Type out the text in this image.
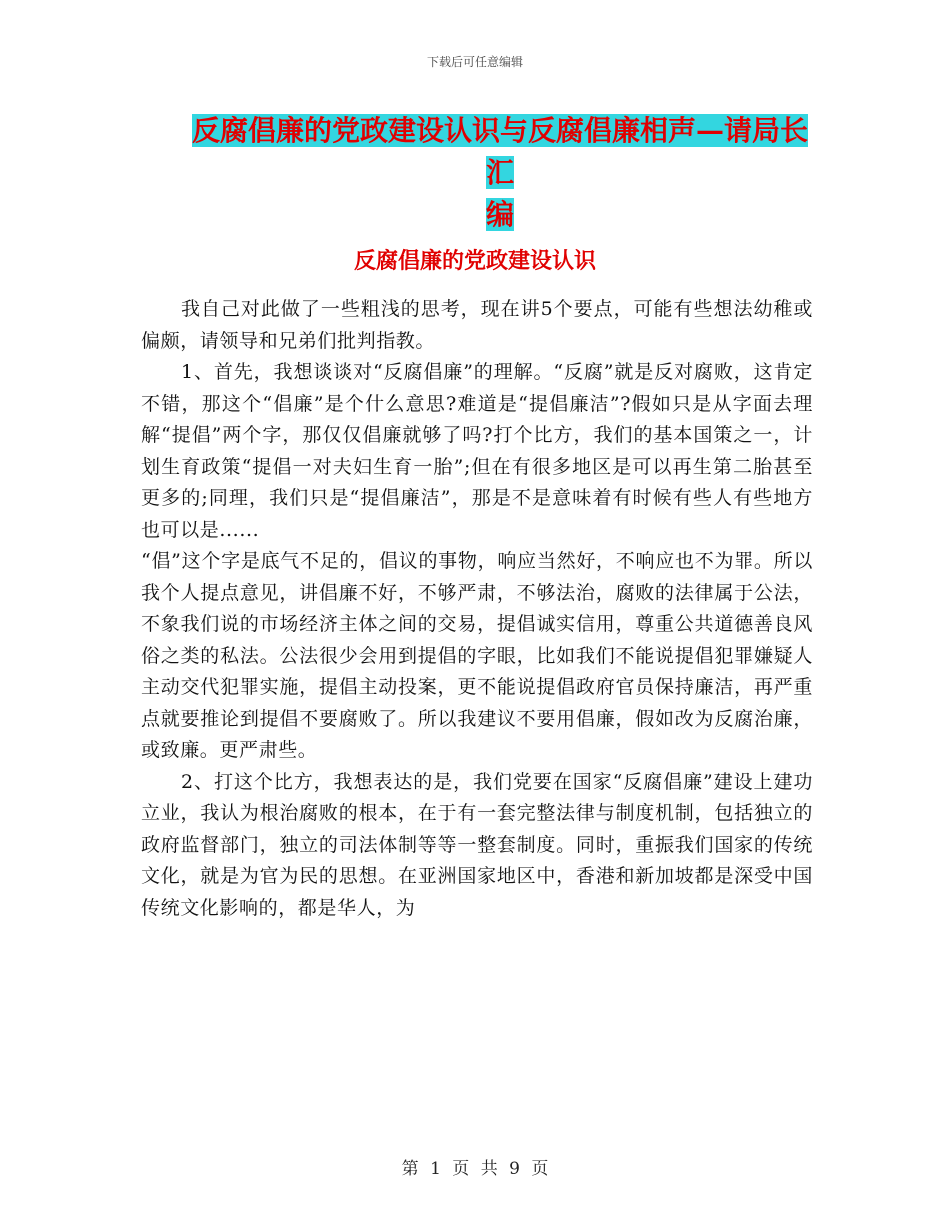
下载后可任意编辑
反腐倡廉的党政建设认识与反腐倡廉相声—请局长汇
编
反腐倡廉的党政建设认识

我自己对此做了一些粗浅的思考，现在讲5个要点，可能有些想法幼稚或偏颇，请领导和兄弟们批判指教。

1、首先，我想谈谈对“反腐倡廉”的理解。“反腐”就是反对腐败，这肯定不错，那这个“倡廉”是个什么意思?难道是“提倡廉洁”?假如只是从字面去理解“提倡”两个字，那仅仅倡廉就够了吗?打个比方，我们的基本国策之一，计划生育政策“提倡一对夫妇生育一胎”;但在有很多地区是可以再生第二胎甚至更多的;同理，我们只是“提倡廉洁”，那是不是意味着有时候有些人有些地方也可以是......

“倡”这个字是底气不足的，倡议的事物，响应当然好，不响应也不为罪。所以我个人提点意见，讲倡廉不好，不够严肃，不够法治，腐败的法律属于公法，不象我们说的市场经济主体之间的交易，提倡诚实信用，尊重公共道德善良风俗之类的私法。公法很少会用到提倡的字眼，比如我们不能说提倡犯罪嫌疑人主动交代犯罪实施，提倡主动投案，更不能说提倡政府官员保持廉洁，再严重点就要推论到提倡不要腐败了。所以我建议不要用倡廉，假如改为反腐治廉，或致廉。更严肃些。

2、打这个比方，我想表达的是，我们党要在国家“反腐倡廉”建设上建功立业，我认为根治腐败的根本，在于有一套完整法律与制度机制，包括独立的政府监督部门，独立的司法体制等等一整套制度。同时，重振我们国家的传统文化，就是为官为民的思想。在亚洲国家地区中，香港和新加坡都是深受中国传统文化影响的，都是华人，为

第 1 页 共 9 页
